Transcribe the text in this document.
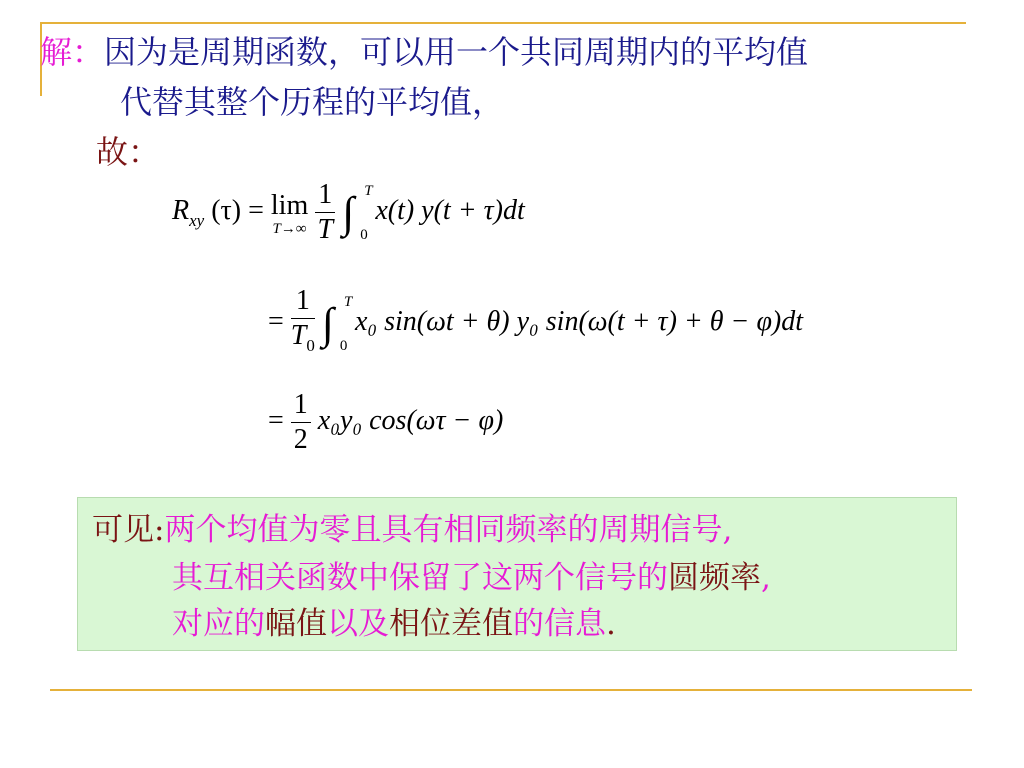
解：因为是周期函数，可以用一个共同周期内的平均值
代替其整个历程的平均值，
故：
$R_{xy}$ (τ) = lim
T→∞
$\frac{1}{T}$ ∫ T
0
x(t) y(t + τ)dt
= $\frac{1}{T_0}$ ∫ T
0
x₀ sin(ωt + θ) y₀ sin(ω(t + τ) + θ − φ)dt
= $\frac{1}{2} x_0y_0$ cos(ωτ − φ)
可见:两个均值为零且具有相同频率的周期信号,
其互相关函数中保留了这两个信号的圆频率,
对应的幅值以及相位差值的信息.
